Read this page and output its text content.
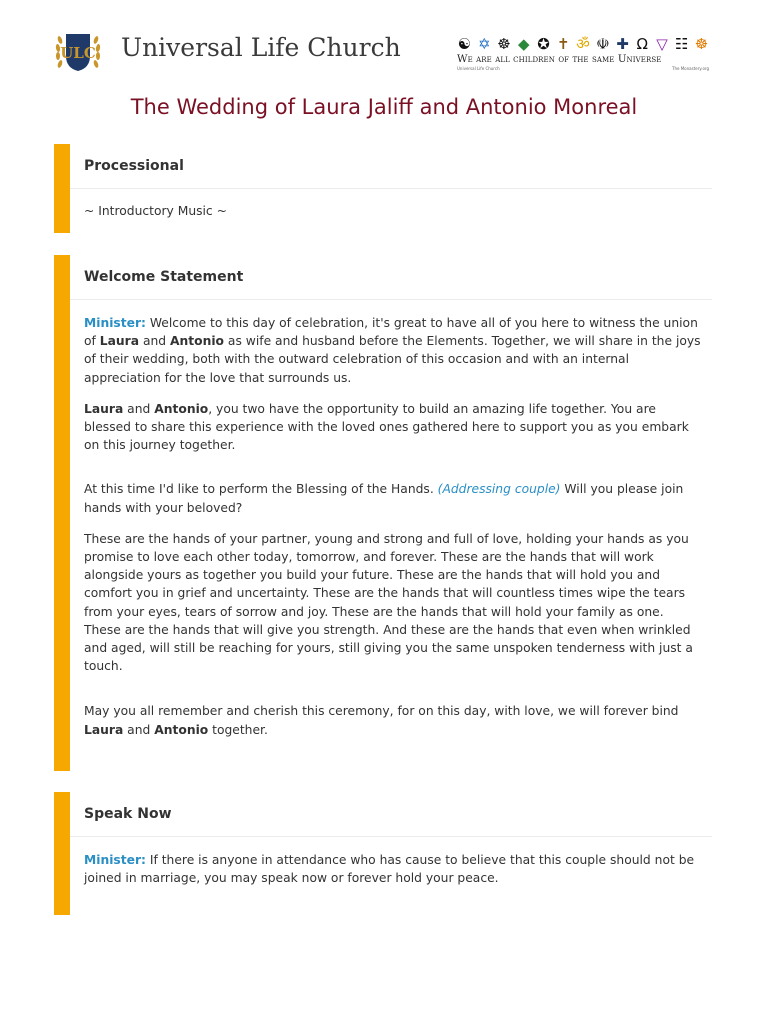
ULC Universal Life Church	☯ ✡ ☸ ◆ ✪ ✝ ॐ ☫ ✚ Ω ▽ ☷ ☸
We are all children of the same Universe
Universal Life Church	The Monastery.org
The Wedding of Laura Jaliff and Antonio Monreal
Processional

~ Introductory Music ~

Welcome Statement

Minister: Welcome to this day of celebration, it's great to have all of you here to witness the union of Laura and Antonio as wife and husband before the Elements. Together, we will share in the joys of their wedding, both with the outward celebration of this occasion and with an internal appreciation for the love that surrounds us.

Laura and Antonio, you two have the opportunity to build an amazing life together. You are blessed to share this experience with the loved ones gathered here to support you as you embark on this journey together.

At this time I'd like to perform the Blessing of the Hands. (Addressing couple) Will you please join hands with your beloved?

These are the hands of your partner, young and strong and full of love, holding your hands as you promise to love each other today, tomorrow, and forever. These are the hands that will work alongside yours as together you build your future. These are the hands that will hold you and comfort you in grief and uncertainty. These are the hands that will countless times wipe the tears from your eyes, tears of sorrow and joy. These are the hands that will hold your family as one. These are the hands that will give you strength. And these are the hands that even when wrinkled and aged, will still be reaching for yours, still giving you the same unspoken tenderness with just a touch.

May you all remember and cherish this ceremony, for on this day, with love, we will forever bind Laura and Antonio together.

Speak Now

Minister: If there is anyone in attendance who has cause to believe that this couple should not be joined in marriage, you may speak now or forever hold your peace.
